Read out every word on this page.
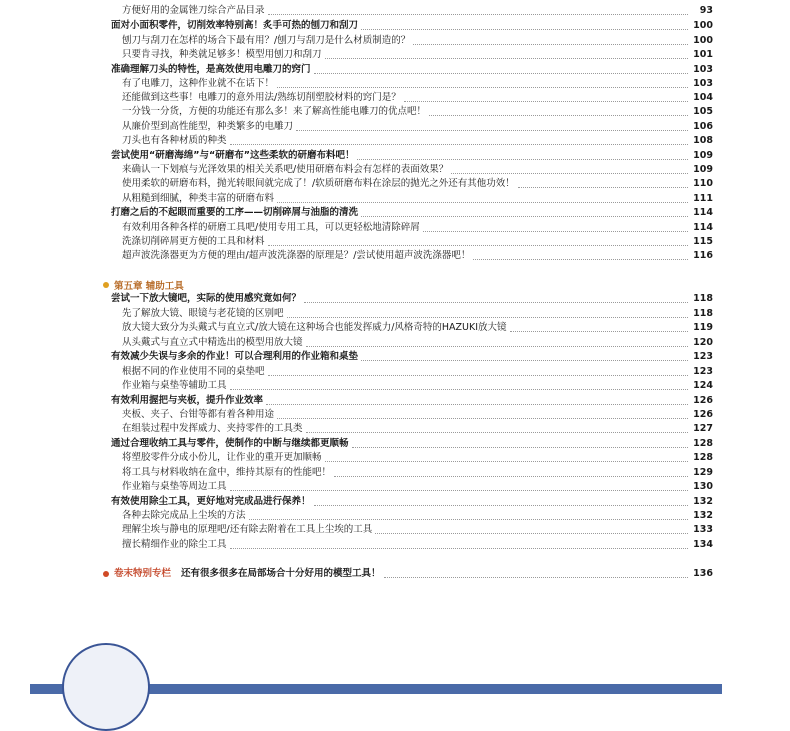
方便好用的金属锉刀综合产品目录	93
面对小面积零件，切削效率特别高！炙手可热的刨刀和刮刀	100
刨刀与刮刀在怎样的场合下最有用？/刨刀与刮刀是什么材质制造的？	100
只要肯寻找，种类就足够多！模型用刨刀和刮刀	101
准确理解刀头的特性，是高效使用电雕刀的窍门	103
有了电雕刀，这种作业就不在话下！	103
还能做到这些事！电雕刀的意外用法/熟练切削塑胶材料的窍门是？	104
一分钱一分货，方便的功能还有那么多！来了解高性能电雕刀的优点吧！	105
从廉价型到高性能型，种类繁多的电雕刀	106
刀头也有各种材质的种类	108
尝试使用“研磨海绵”与“研磨布”这些柔软的研磨布料吧！	109
来确认一下划痕与光泽效果的相关关系吧/使用研磨布料会有怎样的表面效果？	109
使用柔软的研磨布料，抛光转眼间就完成了！/软质研磨布料在涂层的抛光之外还有其他功效！	110
从粗糙到细腻，种类丰富的研磨布料	111
打磨之后的不起眼而重要的工序——切削碎屑与油脂的清洗	114
有效利用各种各样的研磨工具吧/使用专用工具，可以更轻松地清除碎屑	114
洗涤切削碎屑更方便的工具和材料	115
超声波洗涤器更为方便的理由/超声波洗涤器的原理是？/尝试使用超声波洗涤器吧！	116
第五章 辅助工具
尝试一下放大镜吧，实际的使用感究竟如何？	118
先了解放大镜、眼镜与老花镜的区别吧	118
放大镜大致分为头戴式与直立式/放大镜在这种场合也能发挥威力/风格奇特的HAZUKI放大镜	119
从头戴式与直立式中精选出的模型用放大镜	120
有效减少失误与多余的作业！可以合理利用的作业箱和桌垫	123
根据不同的作业使用不同的桌垫吧	123
作业箱与桌垫等辅助工具	124
有效利用握把与夹板，提升作业效率	126
夹板、夹子、台钳等都有着各种用途	126
在组装过程中发挥威力、夹持零件的工具类	127
通过合理收纳工具与零件，使制作的中断与继续都更顺畅	128
将塑胶零件分成小份儿，让作业的重开更加顺畅	128
将工具与材料收纳在盒中，维持其原有的性能吧！	129
作业箱与桌垫等周边工具	130
有效使用除尘工具，更好地对完成品进行保养！	132
各种去除完成品上尘埃的方法	132
理解尘埃与静电的原理吧/还有除去附着在工具上尘埃的工具	133
擅长精细作业的除尘工具	134
卷末特别专栏 还有很多很多在局部场合十分好用的模型工具！	136
